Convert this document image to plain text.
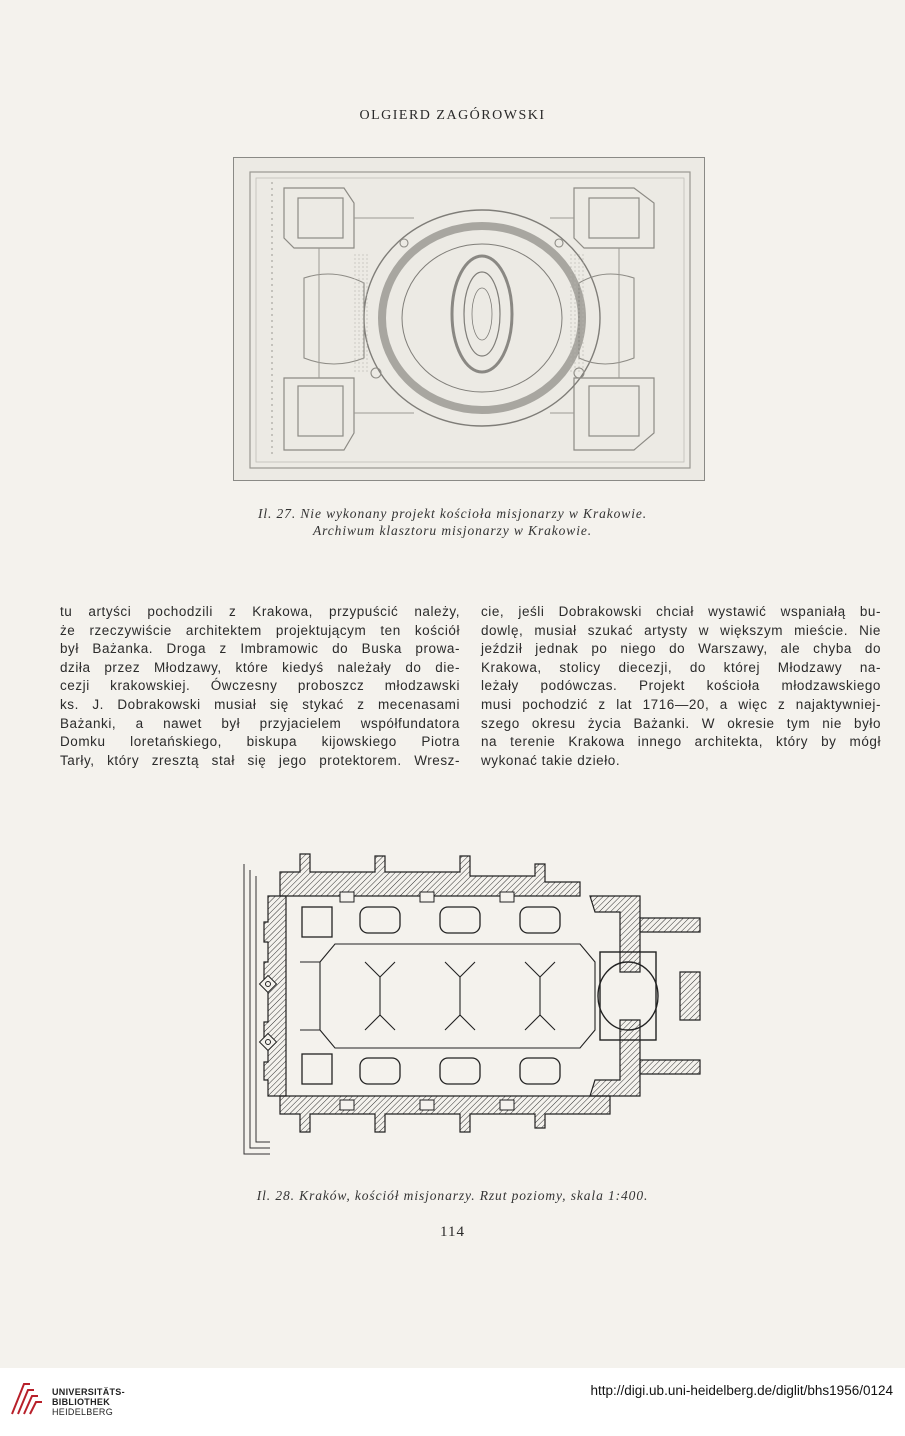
OLGIERD ZAGÓROWSKI
Il. 27. Nie wykonany projekt kościoła misjonarzy w Krakowie.
Archiwum klasztoru misjonarzy w Krakowie.
tu artyści pochodzili z Krakowa, przypuścić należy,
że rzeczywiście architektem projektującym ten kościół
był Bażanka. Droga z Imbramowic do Buska prowa-
dziła przez Młodzawy, które kiedyś należały do die-
cezji krakowskiej. Ówczesny proboszcz młodzawski
ks. J. Dobrakowski musiał się stykać z mecenasami
Bażanki, a nawet był przyjacielem współfundatora
Domku loretańskiego, biskupa kijowskiego Piotra
Tarły, który zresztą stał się jego protektorem. Wresz-
cie, jeśli Dobrakowski chciał wystawić wspaniałą bu-
dowlę, musiał szukać artysty w większym mieście. Nie
jeździł jednak po niego do Warszawy, ale chyba do
Krakowa, stolicy diecezji, do której Młodzawy na-
leżały podówczas. Projekt kościoła młodzawskiego
musi pochodzić z lat 1716—20, a więc z najaktywniej-
szego okresu życia Bażanki. W okresie tym nie było
na terenie Krakowa innego architekta, który by mógł
wykonać takie dzieło.
Il. 28. Kraków, kościół misjonarzy. Rzut poziomy, skala 1:400.
114
UNIVERSITÄTS-
BIBLIOTHEK
HEIDELBERG
http://digi.ub.uni-heidelberg.de/diglit/bhs1956/0124
